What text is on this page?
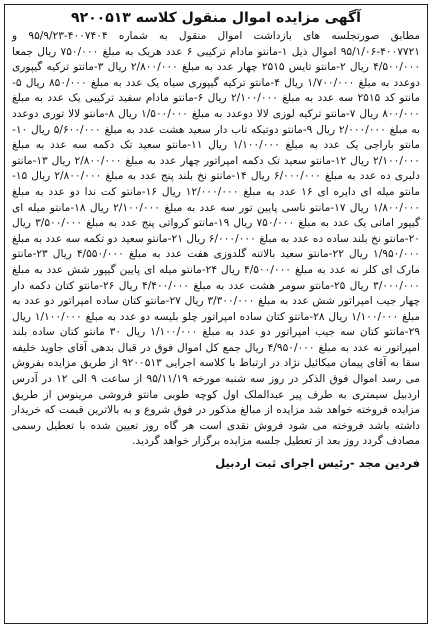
آگهی مزایده اموال منقول کلاسه ۹۲۰۰۵۱۳

مطابق صورتجلسه های بازداشت اموال منقول به شماره ۴۰۰۷۴۰۴-۹۵/۹/۲۳ و ۴۰۰۷۷۲۱-۹۵/۱/۰۶ اموال ذیل ۱-مانتو مادام ترکیبی ۶ عدد هریک به مبلغ ۷۵۰/۰۰۰ ریال جمعا ۴/۵۰۰/۰۰۰ ریال ۲-مانتو تایس ۲۵۱۵ چهار عدد به مبلغ ۲/۸۰۰/۰۰۰ ریال ۳-مانتو ترکیه گیپوری دوعدد به مبلغ ۱/۷۰۰/۰۰۰ ریال ۴-مانتو ترکیه گیپوری سیاه یک عدد به مبلغ ۸۵۰/۰۰۰ ریال ۵-مانتو کد ۲۵۱۵ سه عدد به مبلغ ۲/۱۰۰/۰۰۰ ریال ۶-مانتو مادام سفید ترکیبی یک عدد به مبلغ ۸۰۰/۰۰۰ ریال ۷-مانتو ترکیه لوزی لالا دوعدد به مبلغ ۱/۵۰۰/۰۰۰ ریال ۸-مانتو لالا توری دوعدد به مبلغ ۲/۰۰۰/۰۰۰ ریال ۹-مانتو دوتیکه تاب دار سعید هشت عدد به مبلغ ۵/۶۰۰/۰۰۰ ریال ۱۰-مانتو باراجی یک عدد به مبلغ ۱/۱۰۰/۰۰۰ ریال ۱۱-مانتو سعید تک دکمه سه عدد به مبلغ ۲/۱۰۰/۰۰۰ ریال ۱۲-مانتو سعید تک دکمه امپراتور چهار عدد به مبلغ ۲/۸۰۰/۰۰۰ ریال ۱۳-مانتو دلبری ده عدد به مبلغ ۶/۰۰۰/۰۰۰ ریال ۱۴-مانتو نخ بلند پنج عدد به مبلغ ۲/۸۰۰/۰۰۰ ریال ۱۵-مانتو میله ای دایره ای ۱۶ عدد به مبلغ ۱۲/۰۰۰/۰۰۰ ریال ۱۶-مانتو کت ندا دو عدد به مبلغ ۱/۸۰۰/۰۰۰ ریال ۱۷-مانتو ناسی پایین تور سه عدد به مبلغ ۲/۱۰۰/۰۰۰ ریال ۱۸-مانتو میله ای گیپور اماتی یک عدد به مبلغ ۷۵۰/۰۰۰ ریال ۱۹-مانتو کرواتی پنج عدد به مبلغ ۳/۵۰۰/۰۰۰ ریال ۲۰-مانتو نخ بلند ساده ده عدد به مبلغ ۶/۰۰۰/۰۰۰ ریال ۲۱-مانتو سعید دو تکمه سه عدد به مبلغ ۱/۹۵۰/۰۰۰ ریال ۲۲-مانتو سعید بالاتنه گلدوزی هفت عدد به مبلغ ۴/۵۵۰/۰۰۰ ریال ۲۳-مانتو مارک ای کلر نه عدد به مبلغ ۴/۵۰۰/۰۰۰ ریال ۲۴-مانتو میله ای پایین گیپور شش عدد به مبلغ ۳/۰۰۰/۰۰۰ ریال ۲۵-مانتو سومر هشت عدد به مبلغ ۴/۴۰۰/۰۰۰ ریال ۲۶-مانتو کتان دکمه دار چهار جیب امپراتور شش عدد به مبلغ ۳/۳۰۰/۰۰۰ ریال ۲۷-مانتو کتان ساده امپراتور دو عدد به مبلغ ۱/۱۰۰/۰۰۰ ریال ۲۸-مانتو کتان ساده امپراتور چلو بلیسه دو عدد به مبلغ ۱/۱۰۰/۰۰۰ ریال ۲۹-مانتو کتان سه جیب امپراتور دو عدد به مبلغ ۱/۱۰۰/۰۰۰ ریال ۳۰ مانتو کتان ساده بلند امپراتور نه عدد به مبلغ ۴/۹۵۰/۰۰۰ ریال جمع کل اموال فوق در قبال بدهی آقای جاوید خلیفه سقا به آقای پیمان میکائیل نژاد در ارتباط با کلاسه اجرایی ۹۲۰۰۵۱۳ از طریق مزایده بفروش می رسد اموال فوق الذکر در روز سه شنبه مورخه ۹۵/۱۱/۱۹ از ساعت ۹ الی ۱۲ در آدرس اردبیل سیمتری به طرف پیر عبدالملک اول کوچه طوبی مانتو فروشی مرینوس از طریق مزایده فروخته خواهد شد مزایده از مبالغ مذکور در فوق شروع و به بالاترین قیمت که خریدار داشته باشد فروخته می شود فروش نقدی است هر گاه روز تعیین شده با تعطیل رسمی مصادف گردد روز بعد از تعطیل جلسه مزایده برگزار خواهد گردید.

فردین مجد -رئیس اجرای ثبت اردبیل
